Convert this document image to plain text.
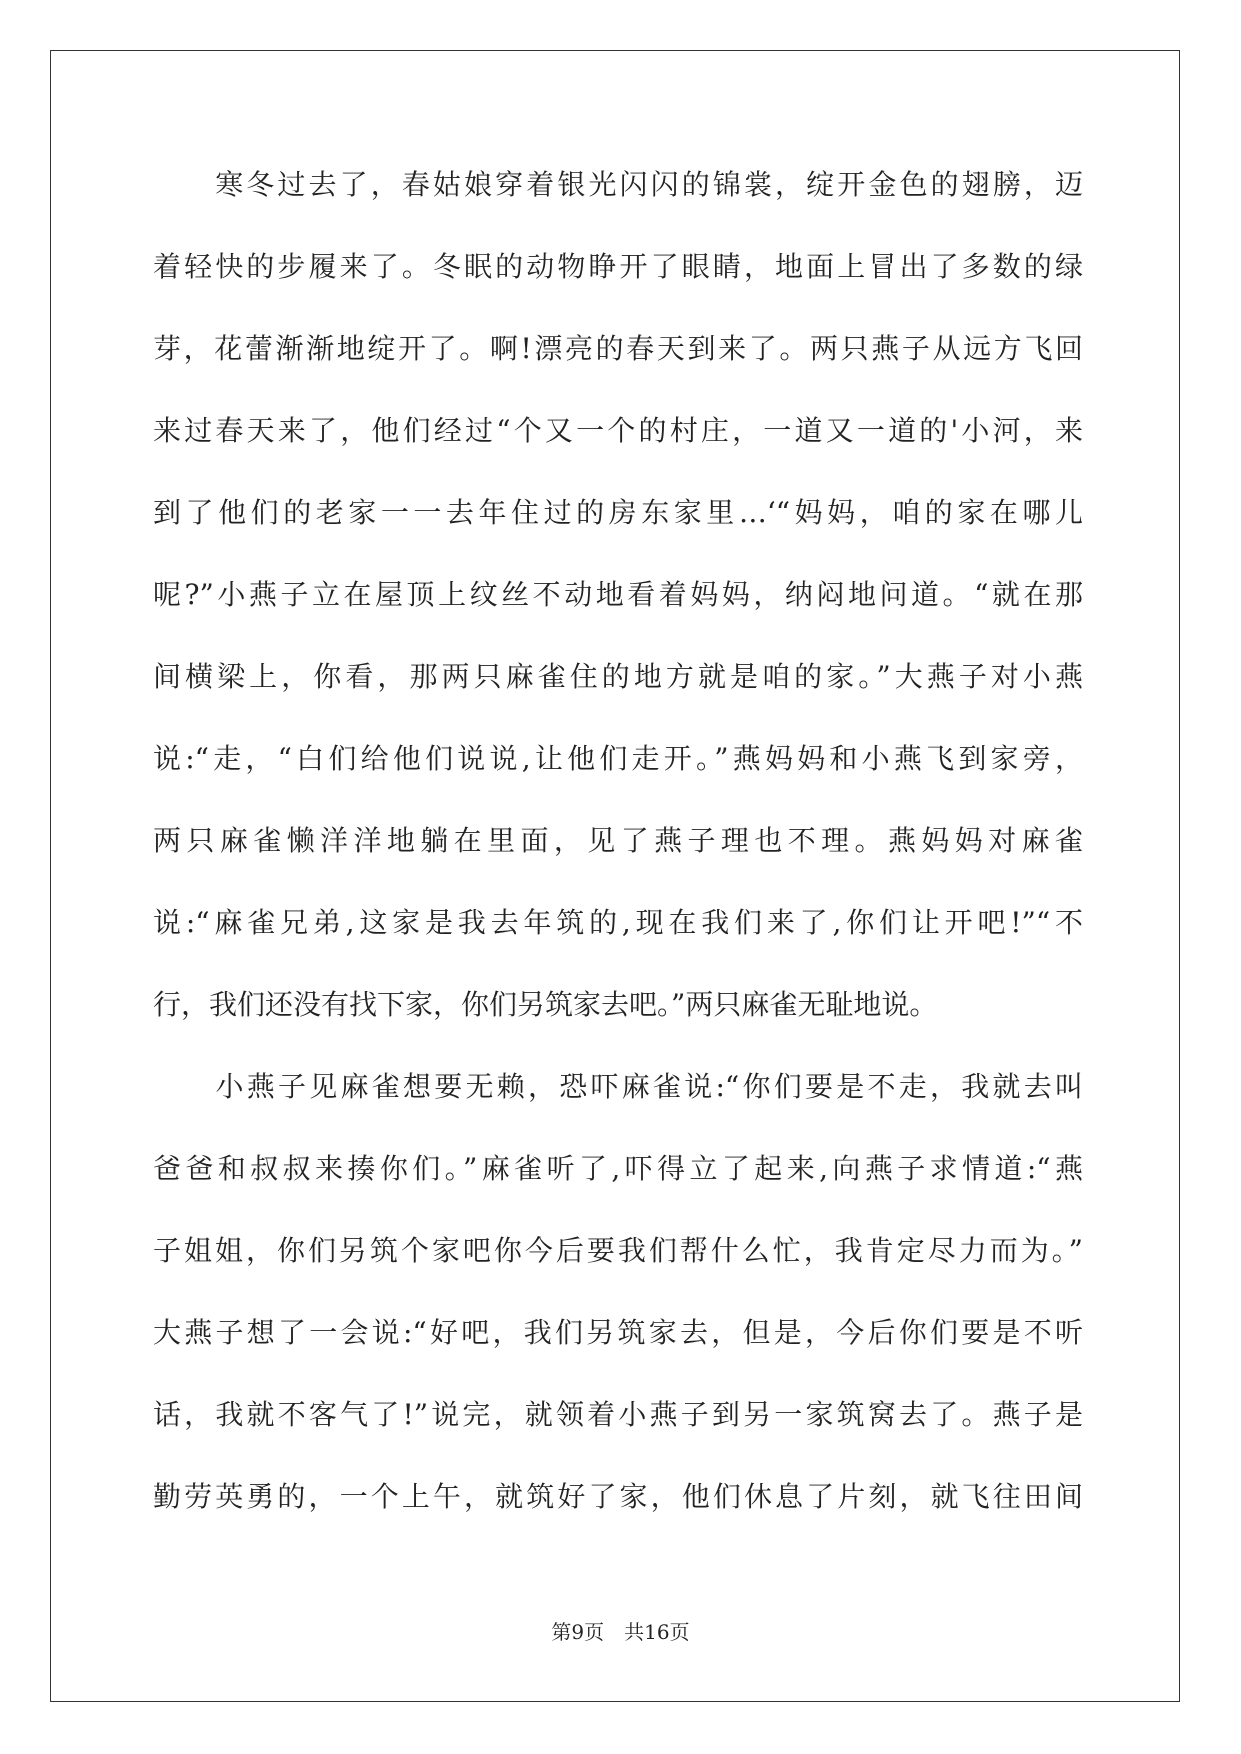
　　寒冬过去了，春姑娘穿着银光闪闪的锦裳，绽开金色的翅膀，迈
着轻快的步履来了。冬眠的动物睁开了眼睛，地面上冒出了多数的绿
芽，花蕾渐渐地绽开了。啊!漂亮的春天到来了。两只燕子从远方飞回
来过春天来了，他们经过“个又一个的村庄，一道又一道的'小河，来
到了他们的老家一一去年住过的房东家里…‘“妈妈，咱的家在哪儿
呢?”小燕子立在屋顶上纹丝不动地看着妈妈，纳闷地问道。“就在那
间横梁上，你看，那两只麻雀住的地方就是咱的家。”大燕子对小燕
说:“走，“白们给他们说说,让他们走开。”燕妈妈和小燕飞到家旁，
两只麻雀懒洋洋地躺在里面，见了燕子理也不理。燕妈妈对麻雀
说:“麻雀兄弟,这家是我去年筑的,现在我们来了,你们让开吧!”“不
行，我们还没有找下家，你们另筑家去吧。”两只麻雀无耻地说。
　　小燕子见麻雀想要无赖，恐吓麻雀说:“你们要是不走，我就去叫
爸爸和叔叔来揍你们。”麻雀听了,吓得立了起来,向燕子求情道:“燕
子姐姐，你们另筑个家吧你今后要我们帮什么忙，我肯定尽力而为。”
大燕子想了一会说:“好吧，我们另筑家去，但是，今后你们要是不听
话，我就不客气了!”说完，就领着小燕子到另一家筑窝去了。燕子是
勤劳英勇的，一个上午，就筑好了家，他们休息了片刻，就飞往田间
第9页　共16页
